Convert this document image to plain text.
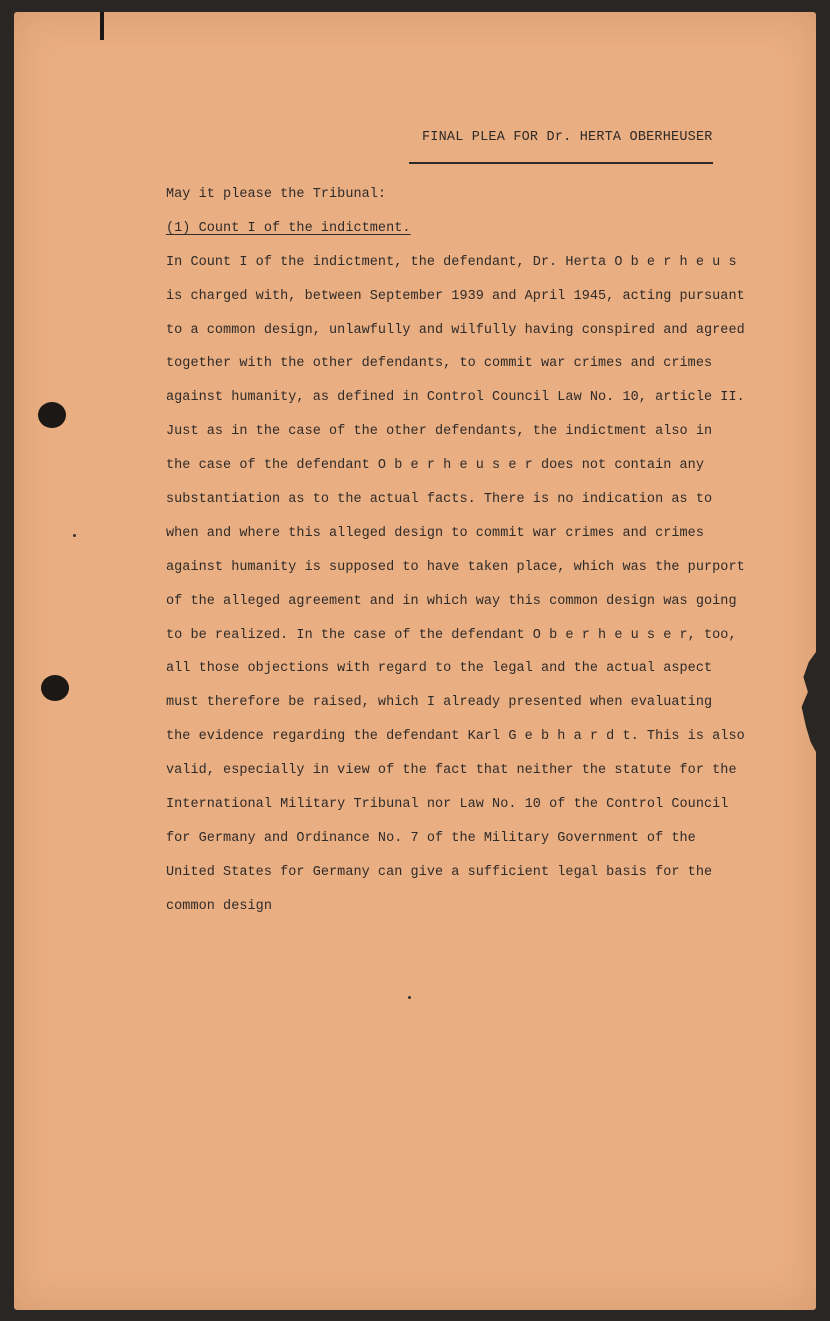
FINAL PLEA FOR Dr. HERTA OBERHEUSER
May it please the Tribunal:
(1) Count I of the indictment.
In Count I of the indictment, the defendant, Dr. Herta O b e r h e u s
is charged with, between September 1939 and April 1945, acting pursuant
to a common design, unlawfully and wilfully having conspired and agreed
together with the other defendants, to commit war crimes and crimes
against humanity, as defined in Control Council Law No. 10, article II.
Just as in the case of the other defendants, the indictment also in
the case of the defendant O b e r h e u s e r does not contain any
substantiation as to the actual facts. There is no indication as to
when and where this alleged design to commit war crimes and crimes
against humanity is supposed to have taken place, which was the purport
of the alleged agreement and in which way this common design was going
to be realized. In the case of the defendant O b e r h e u s e r, too,
all those objections with regard to the legal and the actual aspect
must therefore be raised, which I already presented when evaluating
the evidence regarding the defendant Karl G e b h a r d t. This is also
valid, especially in view of the fact that neither the statute for the
International Military Tribunal nor Law No. 10 of the Control Council
for Germany and Ordinance No. 7 of the Military Government of the
United States for Germany can give a sufficient legal basis for the
common design
